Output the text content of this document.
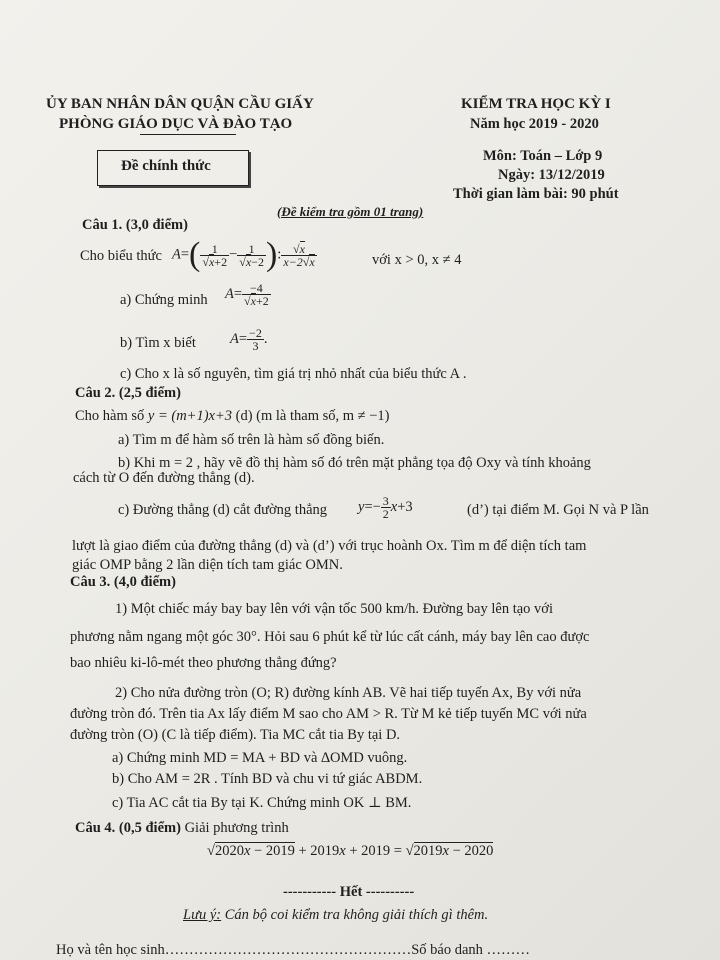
ỦY BAN NHÂN DÂN QUẬN CẦU GIẤY
PHÒNG GIÁO DỤC VÀ ĐÀO TẠO
Đề chính thức
KIỂM TRA HỌC KỲ I
Năm học 2019 - 2020
Môn: Toán – Lớp 9
Ngày: 13/12/2019
Thời gian làm bài: 90 phút
(Đề kiểm tra gồm 01 trang)
Câu 1. (3,0 điểm)
Cho biểu thức $A=( \frac{1}{√x+2} - \frac{1}{√x-2}$ ): $\frac{√x}{x-2√x}$	với x > 0, x ≠ 4
a) Chứng minh $A= \frac{-4}{√x+2}$
b) Tìm x biết $A= \frac{-2}{3}$ .
c) Cho x là số nguyên, tìm giá trị nhỏ nhất của biểu thức A .
Câu 2. (2,5 điểm)
Cho hàm số y = (m+1)x+3 (d) (m là tham số, m ≠ −1)
a) Tìm m để hàm số trên là hàm số đồng biến.
b) Khi m = 2 , hãy vẽ đồ thị hàm số đó trên mặt phẳng tọa độ Oxy và tính khoảng
cách từ O đến đường thẳng (d).
c) Đường thẳng (d) cắt đường thẳng $y=- \frac{3}{2} x+3$	(d’) tại điểm M. Gọi N và P lần
lượt là giao điểm của đường thẳng (d) và (d’) với trục hoành Ox. Tìm m để diện tích tam
giác OMP bằng 2 lần diện tích tam giác OMN.
Câu 3. (4,0 điểm)
1) Một chiếc máy bay bay lên với vận tốc 500 km/h. Đường bay lên tạo với
phương nằm ngang một góc 30°. Hỏi sau 6 phút kể từ lúc cất cánh, máy bay lên cao được
bao nhiêu ki-lô-mét theo phương thẳng đứng?
2) Cho nửa đường tròn (O; R) đường kính AB. Vẽ hai tiếp tuyến Ax, By với nửa
đường tròn đó. Trên tia Ax lấy điểm M sao cho AM > R. Từ M kẻ tiếp tuyến MC với nửa
đường tròn (O) (C là tiếp điểm). Tia MC cắt tia By tại D.
a) Chứng minh MD = MA + BD và ∆OMD vuông.
b) Cho AM = 2R . Tính BD và chu vi tứ giác ABDM.
c) Tia AC cắt tia By tại K. Chứng minh OK ⊥ BM.
Câu 4. (0,5 điểm) Giải phương trình
√2020x − 2019 + 2019x + 2019 = √2019x − 2020
----------- Hết ----------
Lưu ý: Cán bộ coi kiểm tra không giải thích gì thêm.
Họ và tên học sinh……………………………………………Số báo danh ………
